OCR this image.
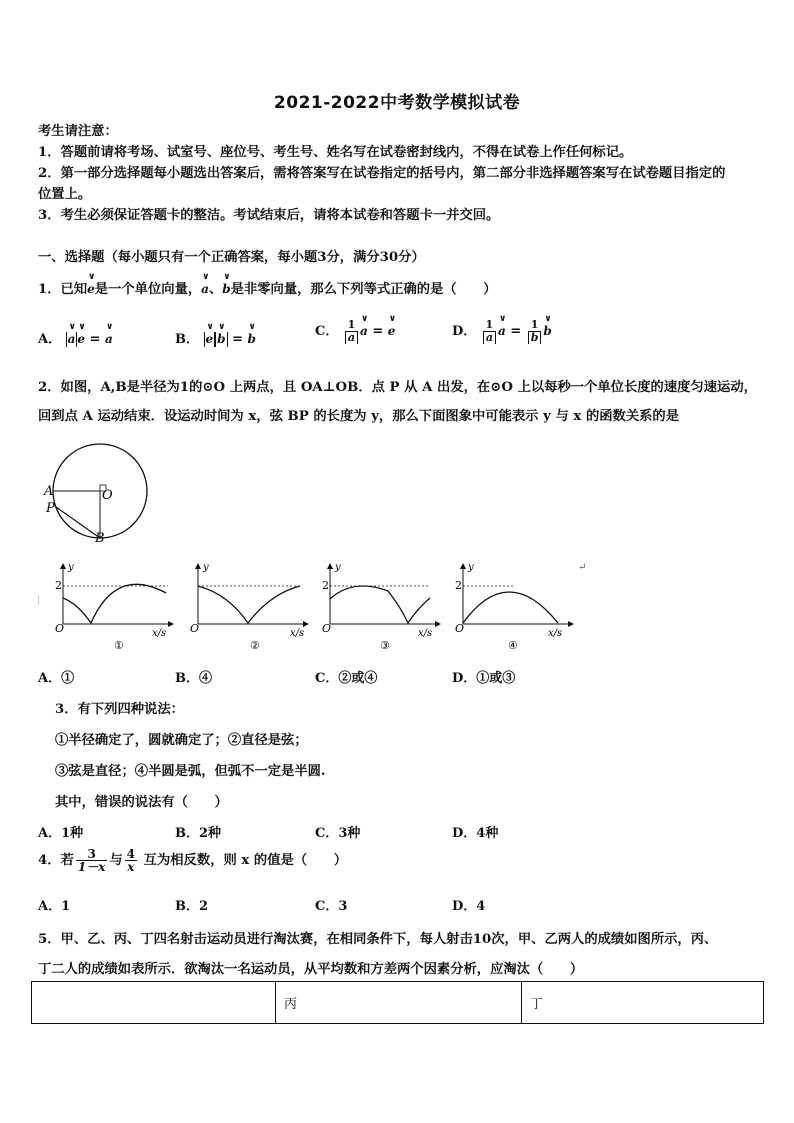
2021-2022中考数学模拟试卷
考生请注意：
1．答题前请将考场、试室号、座位号、考生号、姓名写在试卷密封线内，不得在试卷上作任何标记。
2．第一部分选择题每小题选出答案后，需将答案写在试卷指定的括号内，第二部分非选择题答案写在试卷题目指定的
位置上。
3．考生必须保证答题卡的整洁。考试结束后，请将本试卷和答题卡一并交回。
一、选择题（每小题只有一个正确答案，每小题3分，满分30分）
1．已知∨ e是一个单位向量，∨ a、∨ b是非零向量，那么下列等式正确的是（　　）
A． ∨ a ∨ e = ∨ a	B． ∨ e ∨ b = ∨ b	C． $\frac{1}{a}$ ∨ a = ∨ e	D． $\frac{1}{a}$ ∨ $a = \frac{1}{b}$ ∨ b
2．如图，A,B是半径为1的⊙O 上两点，且 OA⊥OB．点 P 从 A 出发，在⊙O 上以每秒一个单位长度的速度匀速运动，
回到点 A 运动结束．设运动时间为 x，弦 BP 的长度为 y，那么下面图象中可能表示 y 与 x 的函数关系的是
A	O
P
B
y
2
O	x/s
①
y
O	x/s
②
y
2
O	x/s
③
y
2
O	x/s
④
↵
A．①	B．④	C．②或④	D．①或③
3．有下列四种说法：
①半径确定了，圆就确定了；②直径是弦；
③弦是直径；④半圆是弧，但弧不一定是半圆.
其中，错误的说法有（　　）
A．1种	B．2种	C．3种	D．4种
4．若 $\frac{3}{1-x}$ 与 $\frac{4}{x}$ 互为相反数，则 x 的值是（　　）
A．1	B．2	C．3	D．4
5．甲、乙、丙、丁四名射击运动员进行淘汰赛，在相同条件下，每人射击10次，甲、乙两人的成绩如图所示，丙、
丁二人的成绩如表所示．欲淘汰一名运动员，从平均数和方差两个因素分析，应淘汰（　　）
	丙	丁
